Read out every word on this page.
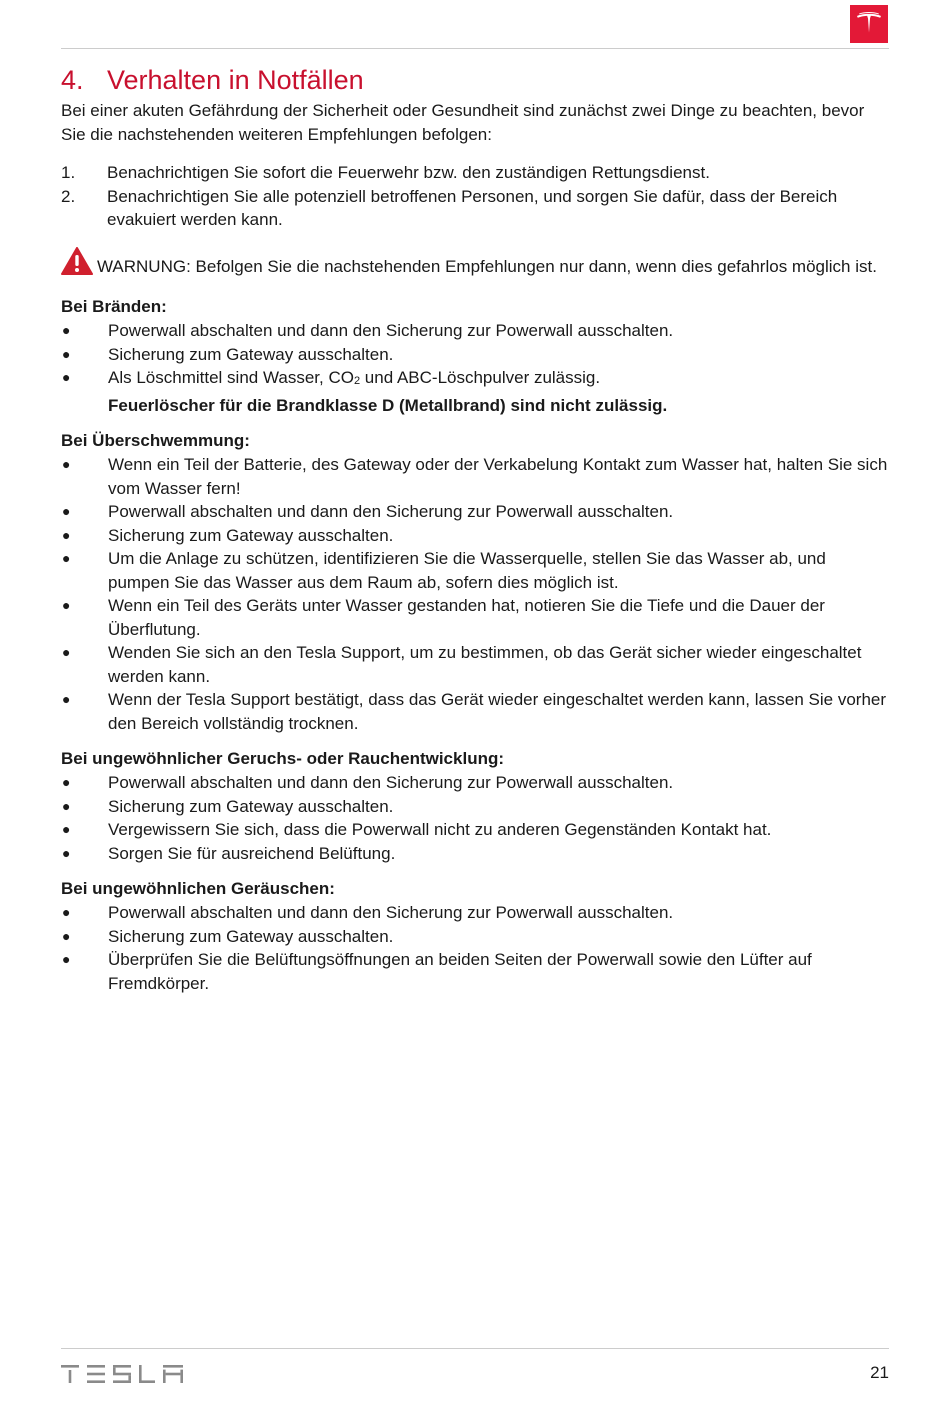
4. Verhalten in Notfällen

Bei einer akuten Gefährdung der Sicherheit oder Gesundheit sind zunächst zwei Dinge zu beachten, bevor Sie die nachstehenden weiteren Empfehlungen befolgen:

1.	Benachrichtigen Sie sofort die Feuerwehr bzw. den zuständigen Rettungsdienst.
2.	Benachrichtigen Sie alle potenziell betroffenen Personen, und sorgen Sie dafür, dass der Bereich evakuiert werden kann.

WARNUNG: Befolgen Sie die nachstehenden Empfehlungen nur dann, wenn dies gefahrlos möglich ist.

Bei Bränden:
●	Powerwall abschalten und dann den Sicherung zur Powerwall ausschalten.
●	Sicherung zum Gateway ausschalten.
●	Als Löschmittel sind Wasser, $CO_2$ und ABC-Löschpulver zulässig.
Feuerlöscher für die Brandklasse D (Metallbrand) sind nicht zulässig.
Bei Überschwemmung:
●	Wenn ein Teil der Batterie, des Gateway oder der Verkabelung Kontakt zum Wasser hat, halten Sie sich vom Wasser fern!
●	Powerwall abschalten und dann den Sicherung zur Powerwall ausschalten.
●	Sicherung zum Gateway ausschalten.
●	Um die Anlage zu schützen, identifizieren Sie die Wasserquelle, stellen Sie das Wasser ab, und pumpen Sie das Wasser aus dem Raum ab, sofern dies möglich ist.
●	Wenn ein Teil des Geräts unter Wasser gestanden hat, notieren Sie die Tiefe und die Dauer der Überflutung.
●	Wenden Sie sich an den Tesla Support, um zu bestimmen, ob das Gerät sicher wieder eingeschaltet werden kann.
●	Wenn der Tesla Support bestätigt, dass das Gerät wieder eingeschaltet werden kann, lassen Sie vorher den Bereich vollständig trocknen.
Bei ungewöhnlicher Geruchs- oder Rauchentwicklung:
●	Powerwall abschalten und dann den Sicherung zur Powerwall ausschalten.
●	Sicherung zum Gateway ausschalten.
●	Vergewissern Sie sich, dass die Powerwall nicht zu anderen Gegenständen Kontakt hat.
●	Sorgen Sie für ausreichend Belüftung.
Bei ungewöhnlichen Geräuschen:
●	Powerwall abschalten und dann den Sicherung zur Powerwall ausschalten.
●	Sicherung zum Gateway ausschalten.
●	Überprüfen Sie die Belüftungsöffnungen an beiden Seiten der Powerwall sowie den Lüfter auf Fremdkörper.
21
